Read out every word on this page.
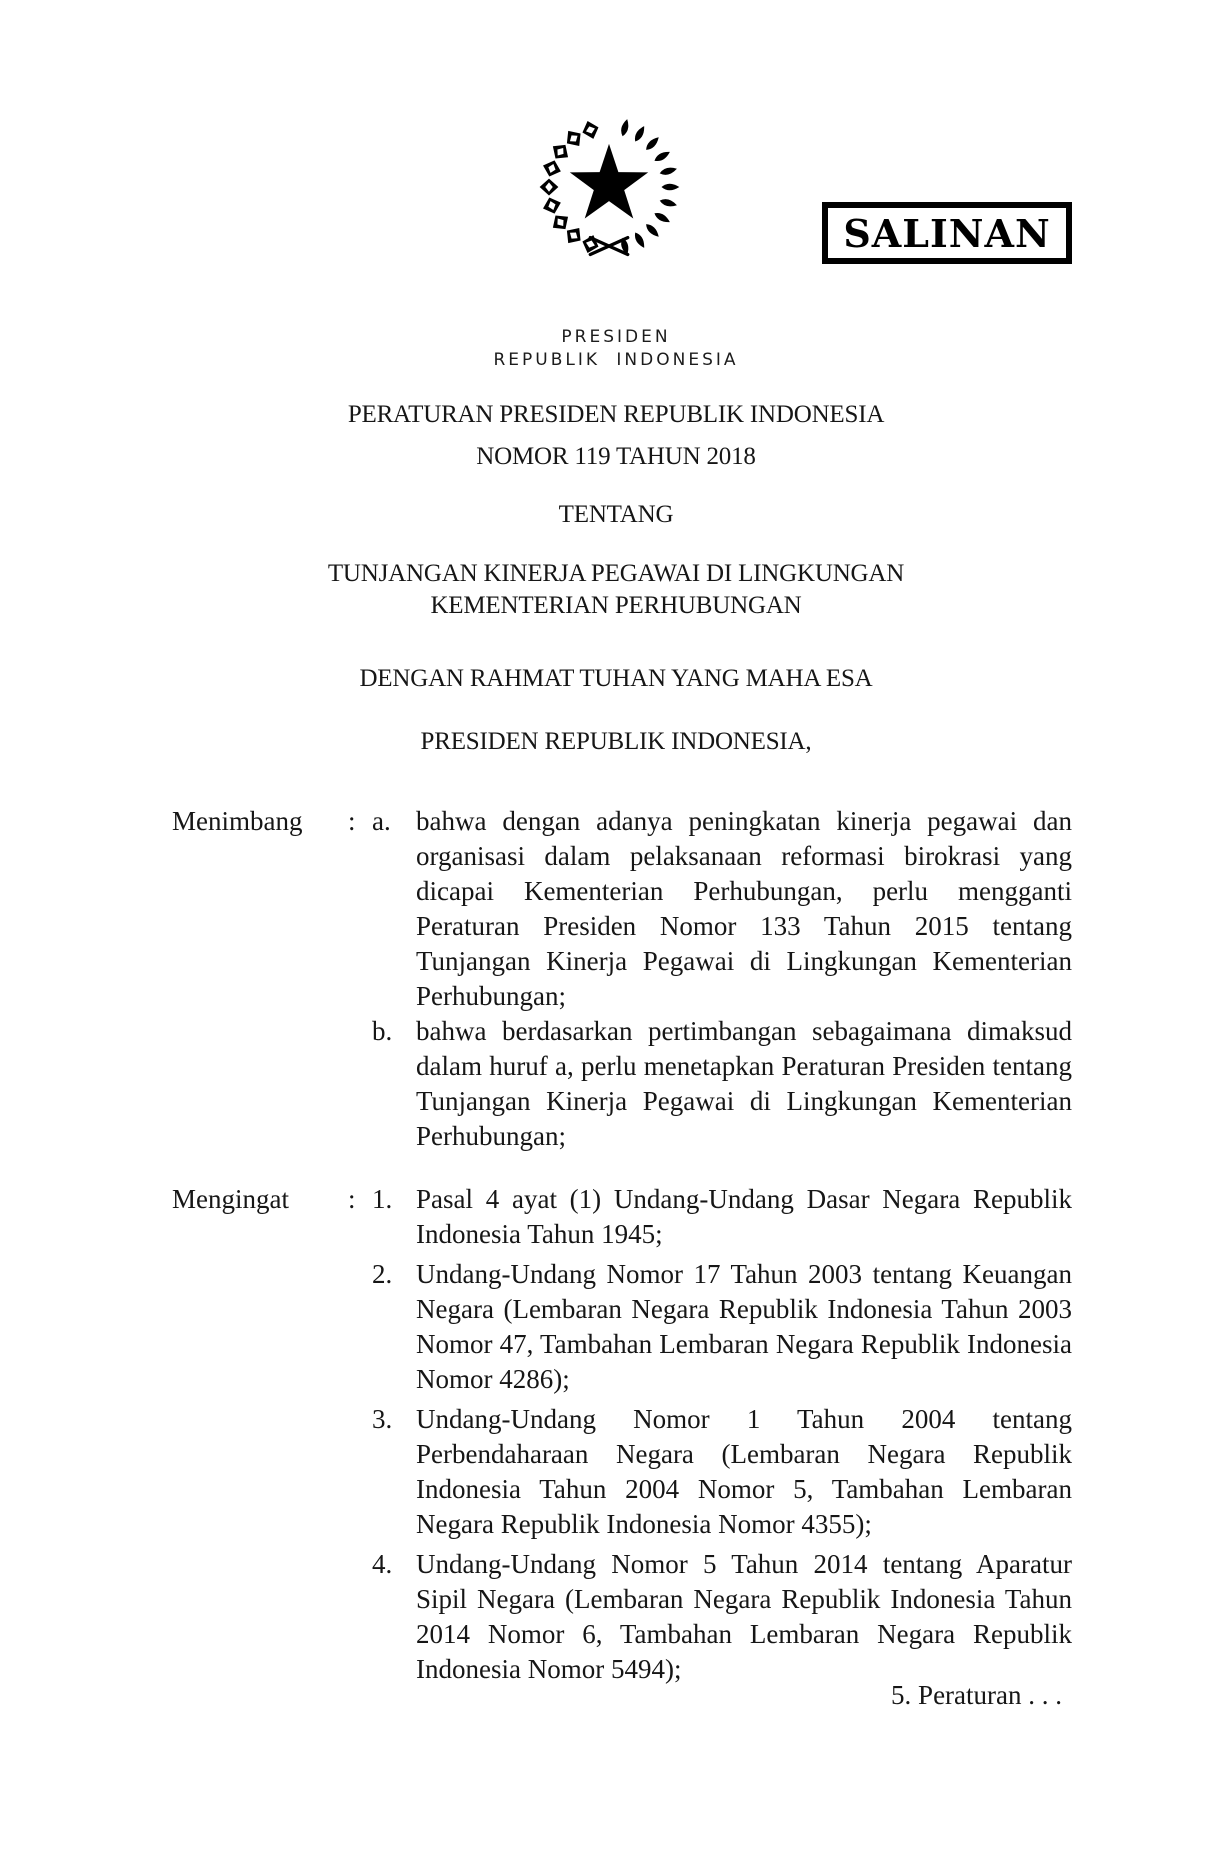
SALINAN
PRESIDEN
REPUBLIK INDONESIA
PERATURAN PRESIDEN REPUBLIK INDONESIA
NOMOR 119 TAHUN 2018
TENTANG
TUNJANGAN KINERJA PEGAWAI DI LINGKUNGAN
KEMENTERIAN PERHUBUNGAN
DENGAN RAHMAT TUHAN YANG MAHA ESA
PRESIDEN REPUBLIK INDONESIA,
Menimbang	: a. bahwa dengan adanya peningkatan kinerja pegawai dan organisasi dalam pelaksanaan reformasi birokrasi yang dicapai Kementerian Perhubungan, perlu mengganti Peraturan Presiden Nomor 133 Tahun 2015 tentang Tunjangan Kinerja Pegawai di Lingkungan Kementerian Perhubungan;
b. bahwa berdasarkan pertimbangan sebagaimana dimaksud dalam huruf a, perlu menetapkan Peraturan Presiden tentang Tunjangan Kinerja Pegawai di Lingkungan Kementerian Perhubungan;
Mengingat	: 1. Pasal 4 ayat (1) Undang-Undang Dasar Negara Republik Indonesia Tahun 1945;
2. Undang-Undang Nomor 17 Tahun 2003 tentang Keuangan Negara (Lembaran Negara Republik Indonesia Tahun 2003 Nomor 47, Tambahan Lembaran Negara Republik Indonesia Nomor 4286);
3. Undang-Undang Nomor 1 Tahun 2004 tentang Perbendaharaan Negara (Lembaran Negara Republik Indonesia Tahun 2004 Nomor 5, Tambahan Lembaran Negara Republik Indonesia Nomor 4355);
4. Undang-Undang Nomor 5 Tahun 2014 tentang Aparatur Sipil Negara (Lembaran Negara Republik Indonesia Tahun 2014 Nomor 6, Tambahan Lembaran Negara Republik Indonesia Nomor 5494);
5. Peraturan . . .
